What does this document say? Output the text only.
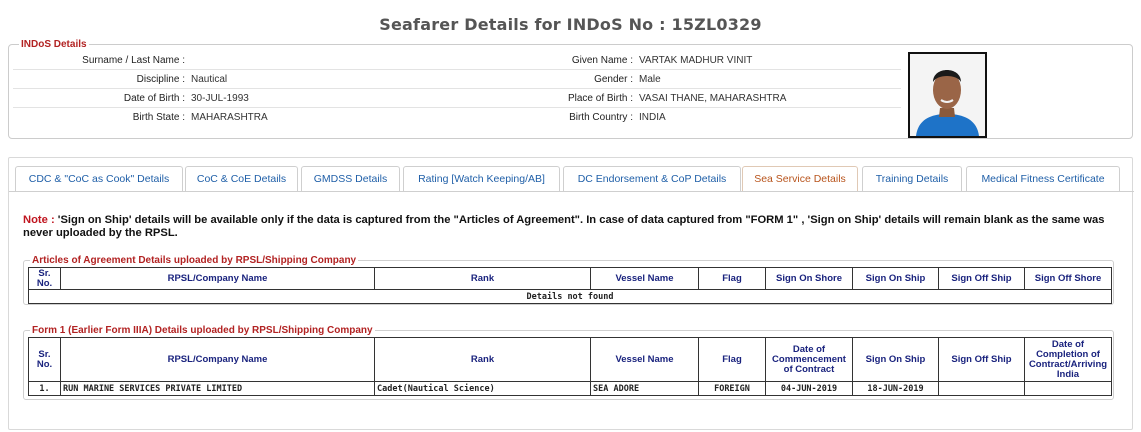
Seafarer Details for INDoS No : 15ZL0329
INDoS Details
Surname / Last Name :	Given Name : VARTAK MADHUR VINIT
Discipline : Nautical	Gender : Male
Date of Birth : 30-JUL-1993	Place of Birth : VASAI THANE, MAHARASHTRA
Birth State : MAHARASHTRA	Birth Country : INDIA
CDC & "CoC as Cook" Details	CoC & CoE Details	GMDSS Details	Rating [Watch Keeping/AB]	DC Endorsement & CoP Details	Sea Service Details	Training Details	Medical Fitness Certificate
Note : 'Sign on Ship' details will be available only if the data is captured from the "Articles of Agreement". In case of data captured from "FORM 1" , 'Sign on Ship' details will remain blank as the same was never uploaded by the RPSL.
Articles of Agreement Details uploaded by RPSL/Shipping Company
Sr. No.	RPSL/Company Name	Rank	Vessel Name	Flag	Sign On Shore	Sign On Ship	Sign Off Ship	Sign Off Shore
Details not found
Form 1 (Earlier Form IIIA) Details uploaded by RPSL/Shipping Company
Sr. No.	RPSL/Company Name	Rank	Vessel Name	Flag	Date of Commencement of Contract	Sign On Ship	Sign Off Ship	Date of Completion of Contract/Arriving India
1.	RUN MARINE SERVICES PRIVATE LIMITED	Cadet(Nautical Science)	SEA ADORE	FOREIGN	04-JUN-2019	18-JUN-2019		
